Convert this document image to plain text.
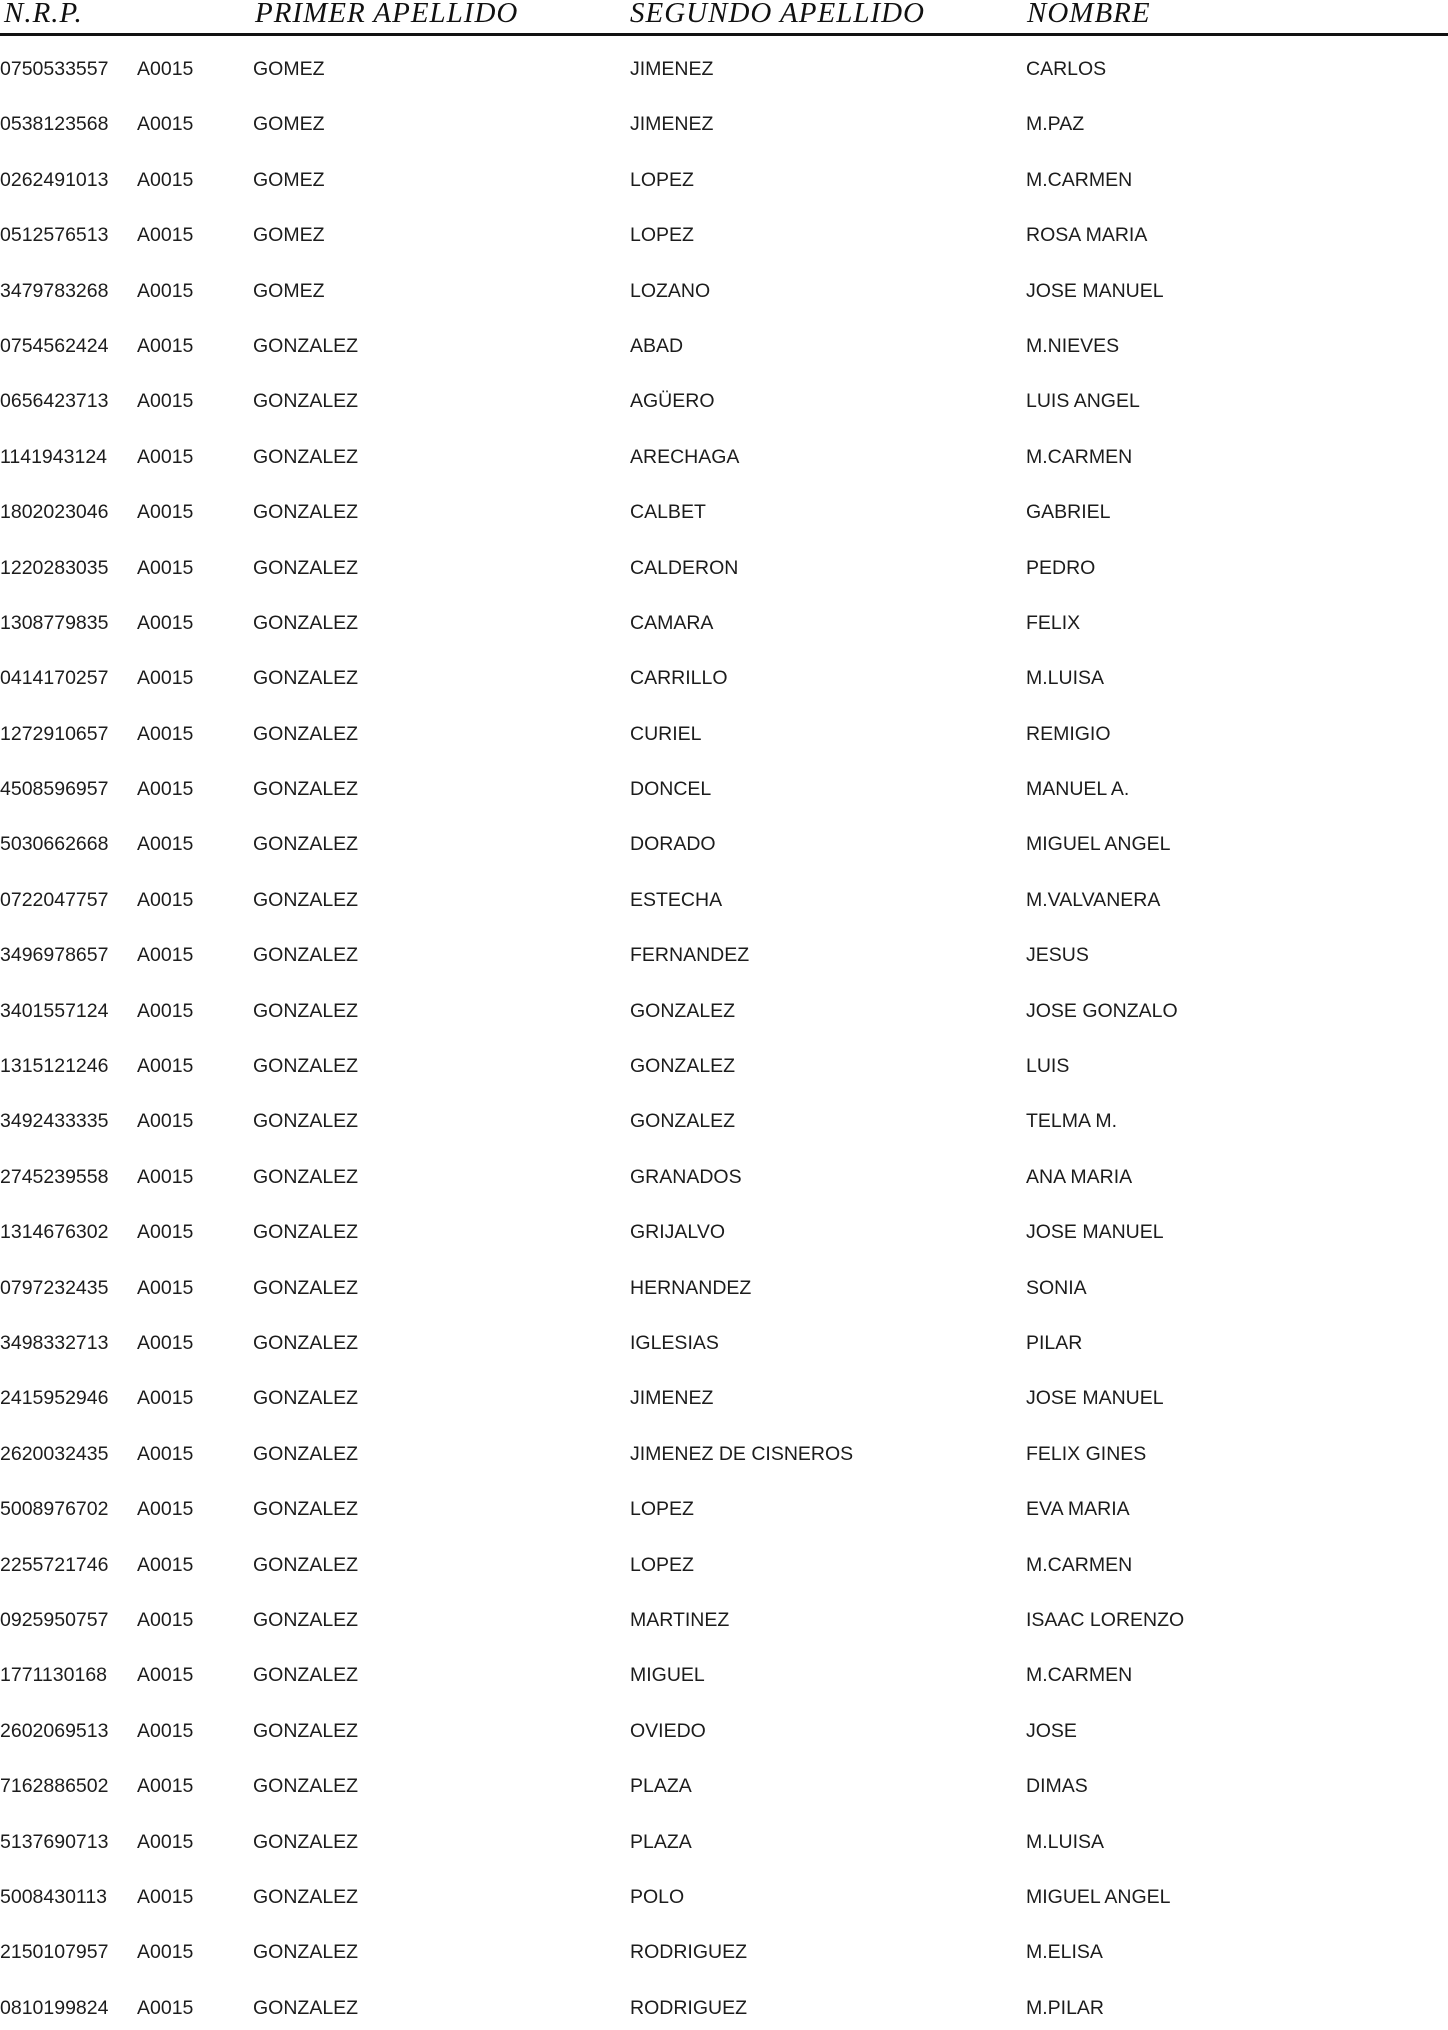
N.R.P.	PRIMER APELLIDO	SEGUNDO APELLIDO	NOMBRE
0750533557 A0015	GOMEZ	JIMENEZ	CARLOS
0538123568 A0015	GOMEZ	JIMENEZ	M.PAZ
0262491013 A0015	GOMEZ	LOPEZ	M.CARMEN
0512576513 A0015	GOMEZ	LOPEZ	ROSA MARIA
3479783268 A0015	GOMEZ	LOZANO	JOSE MANUEL
0754562424 A0015	GONZALEZ	ABAD	M.NIEVES
0656423713 A0015	GONZALEZ	AGÜERO	LUIS ANGEL
1141943124 A0015	GONZALEZ	ARECHAGA	M.CARMEN
1802023046 A0015	GONZALEZ	CALBET	GABRIEL
1220283035 A0015	GONZALEZ	CALDERON	PEDRO
1308779835 A0015	GONZALEZ	CAMARA	FELIX
0414170257 A0015	GONZALEZ	CARRILLO	M.LUISA
1272910657 A0015	GONZALEZ	CURIEL	REMIGIO
4508596957 A0015	GONZALEZ	DONCEL	MANUEL A.
5030662668 A0015	GONZALEZ	DORADO	MIGUEL ANGEL
0722047757 A0015	GONZALEZ	ESTECHA	M.VALVANERA
3496978657 A0015	GONZALEZ	FERNANDEZ	JESUS
3401557124 A0015	GONZALEZ	GONZALEZ	JOSE GONZALO
1315121246 A0015	GONZALEZ	GONZALEZ	LUIS
3492433335 A0015	GONZALEZ	GONZALEZ	TELMA M.
2745239558 A0015	GONZALEZ	GRANADOS	ANA MARIA
1314676302 A0015	GONZALEZ	GRIJALVO	JOSE MANUEL
0797232435 A0015	GONZALEZ	HERNANDEZ	SONIA
3498332713 A0015	GONZALEZ	IGLESIAS	PILAR
2415952946 A0015	GONZALEZ	JIMENEZ	JOSE MANUEL
2620032435 A0015	GONZALEZ	JIMENEZ DE CISNEROS	FELIX GINES
5008976702 A0015	GONZALEZ	LOPEZ	EVA MARIA
2255721746 A0015	GONZALEZ	LOPEZ	M.CARMEN
0925950757 A0015	GONZALEZ	MARTINEZ	ISAAC LORENZO
1771130168 A0015	GONZALEZ	MIGUEL	M.CARMEN
2602069513 A0015	GONZALEZ	OVIEDO	JOSE
7162886502 A0015	GONZALEZ	PLAZA	DIMAS
5137690713 A0015	GONZALEZ	PLAZA	M.LUISA
5008430113 A0015	GONZALEZ	POLO	MIGUEL ANGEL
2150107957 A0015	GONZALEZ	RODRIGUEZ	M.ELISA
0810199824 A0015	GONZALEZ	RODRIGUEZ	M.PILAR
